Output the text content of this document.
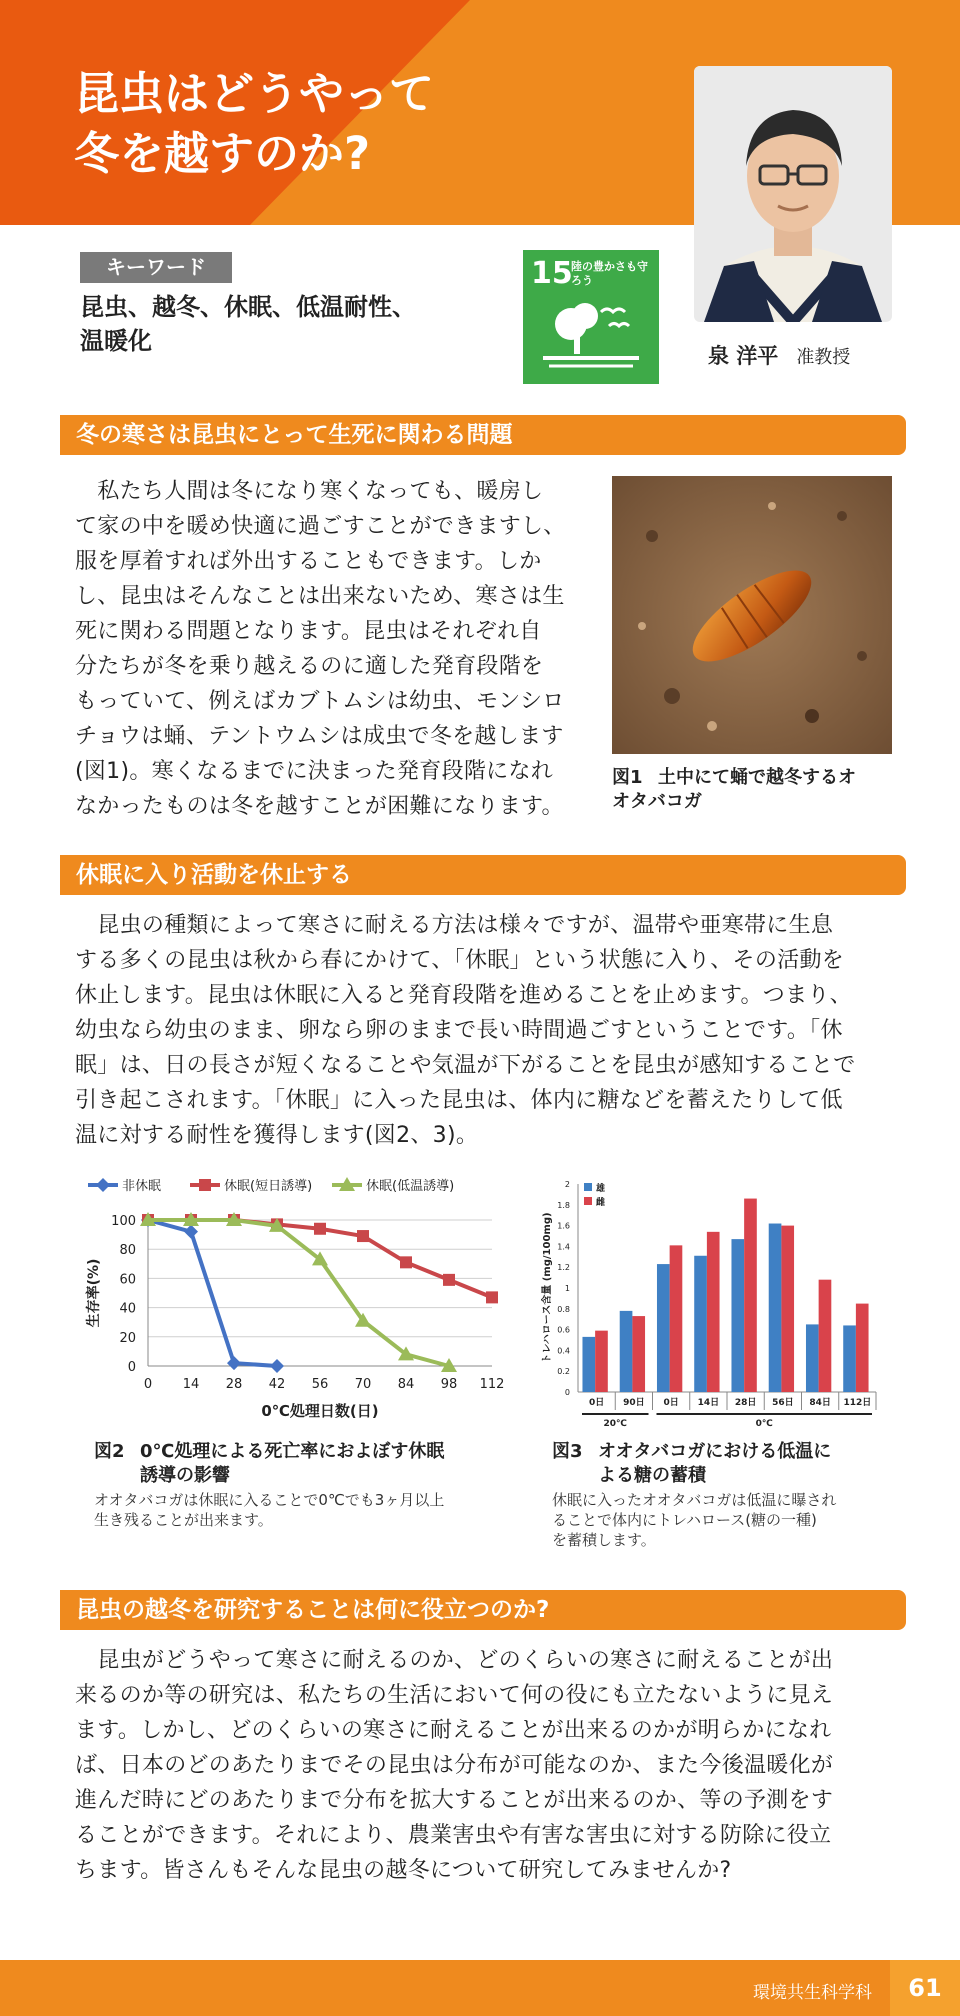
昆虫はどうやって
冬を越すのか?
キーワード
昆虫、越冬、休眠、低温耐性、
温暖化
15
陸の豊かさも守ろう
泉 洋平 准教授
冬の寒さは昆虫にとって生死に関わる問題
　私たち人間は冬になり寒くなっても、暖房し
て家の中を暖め快適に過ごすことができますし、
服を厚着すれば外出することもできます。しか
し、昆虫はそんなことは出来ないため、寒さは生
死に関わる問題となります。昆虫はそれぞれ自
分たちが冬を乗り越えるのに適した発育段階を
もっていて、例えばカブトムシは幼虫、モンシロ
チョウは蛹、テントウムシは成虫で冬を越します
(図1)。寒くなるまでに決まった発育段階になれ
なかったものは冬を越すことが困難になります。
図1 土中にて蛹で越冬するオ
オタバコガ
休眠に入り活動を休止する
　昆虫の種類によって寒さに耐える方法は様々ですが、温帯や亜寒帯に生息
する多くの昆虫は秋から春にかけて、「休眠」という状態に入り、その活動を
休止します。昆虫は休眠に入ると発育段階を進めることを止めます。つまり、
幼虫なら幼虫のまま、卵なら卵のままで長い時間過ごすということです。「休
眠」は、日の長さが短くなることや気温が下がることを昆虫が感知することで
引き起こされます。「休眠」に入った昆虫は、体内に糖などを蓄えたりして低
温に対する耐性を獲得します(図2、3)。
0
20
40
60
80
100
0 14 28 42 56 70 84 98 112
0℃処理日数(日)
生存率(%)
非休眠	休眠(短日誘導)	休眠(低温誘導)
0
0.2
0.4
0.6
0.8
1
1.2
1.4
1.6
1.8
2
トレハロース含量 (mg/100mg)
0日 90日 0日 14日 28日 56日 84日 112日
20℃	0℃
雄
雌
図2 0℃処理による死亡率におよぼす休眠
誘導の影響
オオタバコガは休眠に入ることで0℃でも3ヶ月以上
生き残ることが出来ます。
図3 オオタバコガにおける低温に
よる糖の蓄積
休眠に入ったオオタバコガは低温に曝され
ることで体内にトレハロース(糖の一種)
を蓄積します。
昆虫の越冬を研究することは何に役立つのか?
　昆虫がどうやって寒さに耐えるのか、どのくらいの寒さに耐えることが出
来るのか等の研究は、私たちの生活において何の役にも立たないように見え
ます。しかし、どのくらいの寒さに耐えることが出来るのかが明らかになれ
ば、日本のどのあたりまでその昆虫は分布が可能なのか、また今後温暖化が
進んだ時にどのあたりまで分布を拡大することが出来るのか、等の予測をす
ることができます。それにより、農業害虫や有害な害虫に対する防除に役立
ちます。皆さんもそんな昆虫の越冬について研究してみませんか?
環境共生科学科	61
